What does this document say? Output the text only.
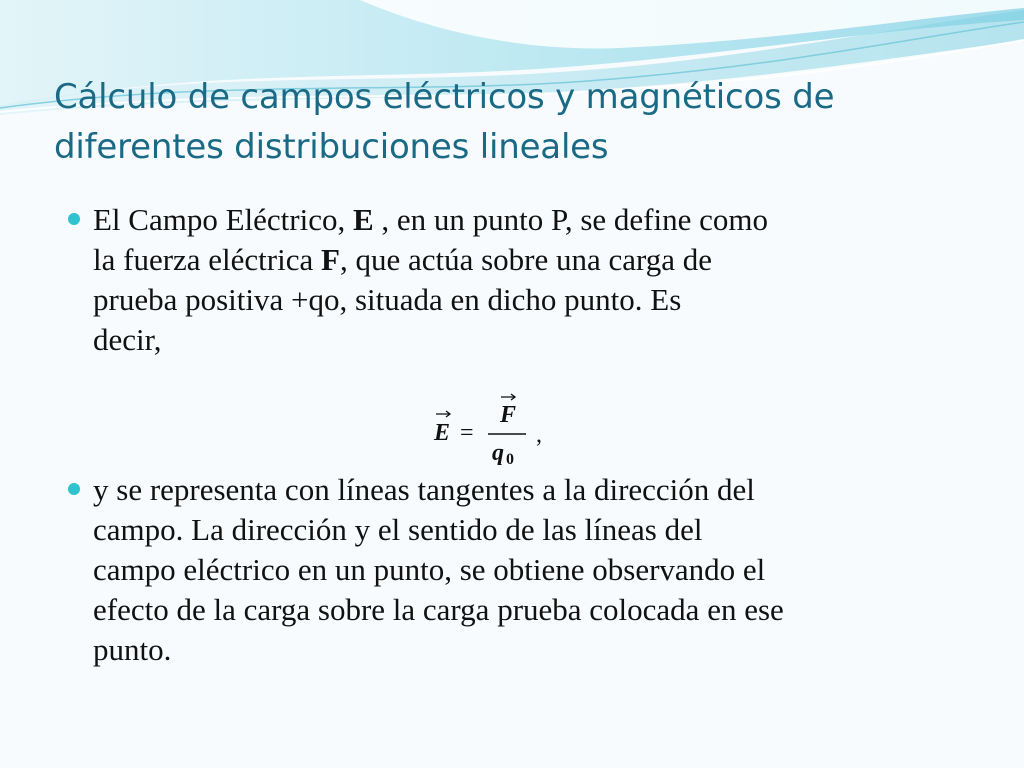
Cálculo de campos eléctricos y magnéticos de
diferentes distribuciones lineales
El Campo Eléctrico, E , en un punto P, se define como
la fuerza eléctrica F, que actúa sobre una carga de
prueba positiva +qo, situada en dicho punto. Es
decir,
E =
F
q 0
,
y se representa con líneas tangentes a la dirección del
campo. La dirección y el sentido de las líneas del
campo eléctrico en un punto, se obtiene observando el
efecto de la carga sobre la carga prueba colocada en ese
punto.
